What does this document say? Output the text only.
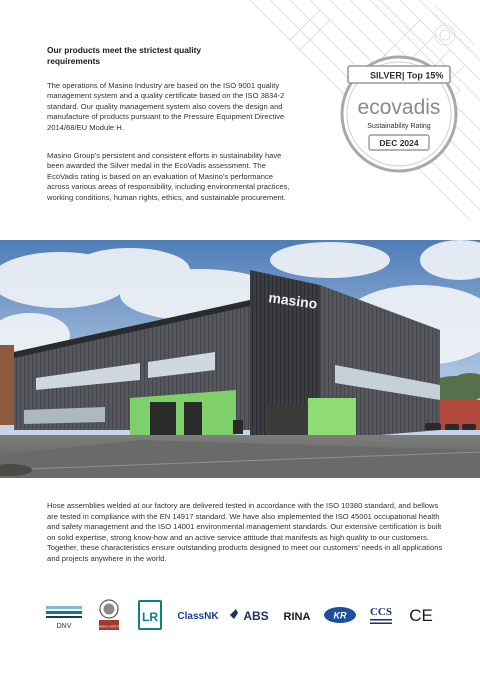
Our products meet the strictest quality requirements

The operations of Masino Industry are based on the ISO 9001 quality management system and a quality certificate based on the ISO 3834-2 standard. Our quality management system also covers the design and manufacture of products pursuant to the Pressure Equipment Directive 2014/68/EU Module H.

Masino Group’s persistent and consistent efforts in sustainability have been awarded the Silver medal in the EcoVadis assessment. The EcoVadis rating is based on an evaluation of Masino’s performance across various areas of responsibility, including environmental practices, working conditions, human rights, ethics, and sustainable procurement.

SILVER | Top 15%
ecovadis
Sustainability Rating
DEC 2024
masino

Hose assemblies welded at our factory are delivered tested in accordance with the ISO 10380 standard, and bellows are tested in compliance with the EN 14917 standard. We have also implemented the ISO 45001 occupational health and safety management and the ISO 14001 environmental management standards. Our extensive certification is built on solid expertise, strong know-how and an active service attitude that manifests as high quality to our customers. Together, these characteristics ensure outstanding products designed to meet our customers’ needs in all applications and projects anywhere in the world.

DNV	BUREAU VERITAS
LR ClassNK ABS RINA	KR CCS CE
